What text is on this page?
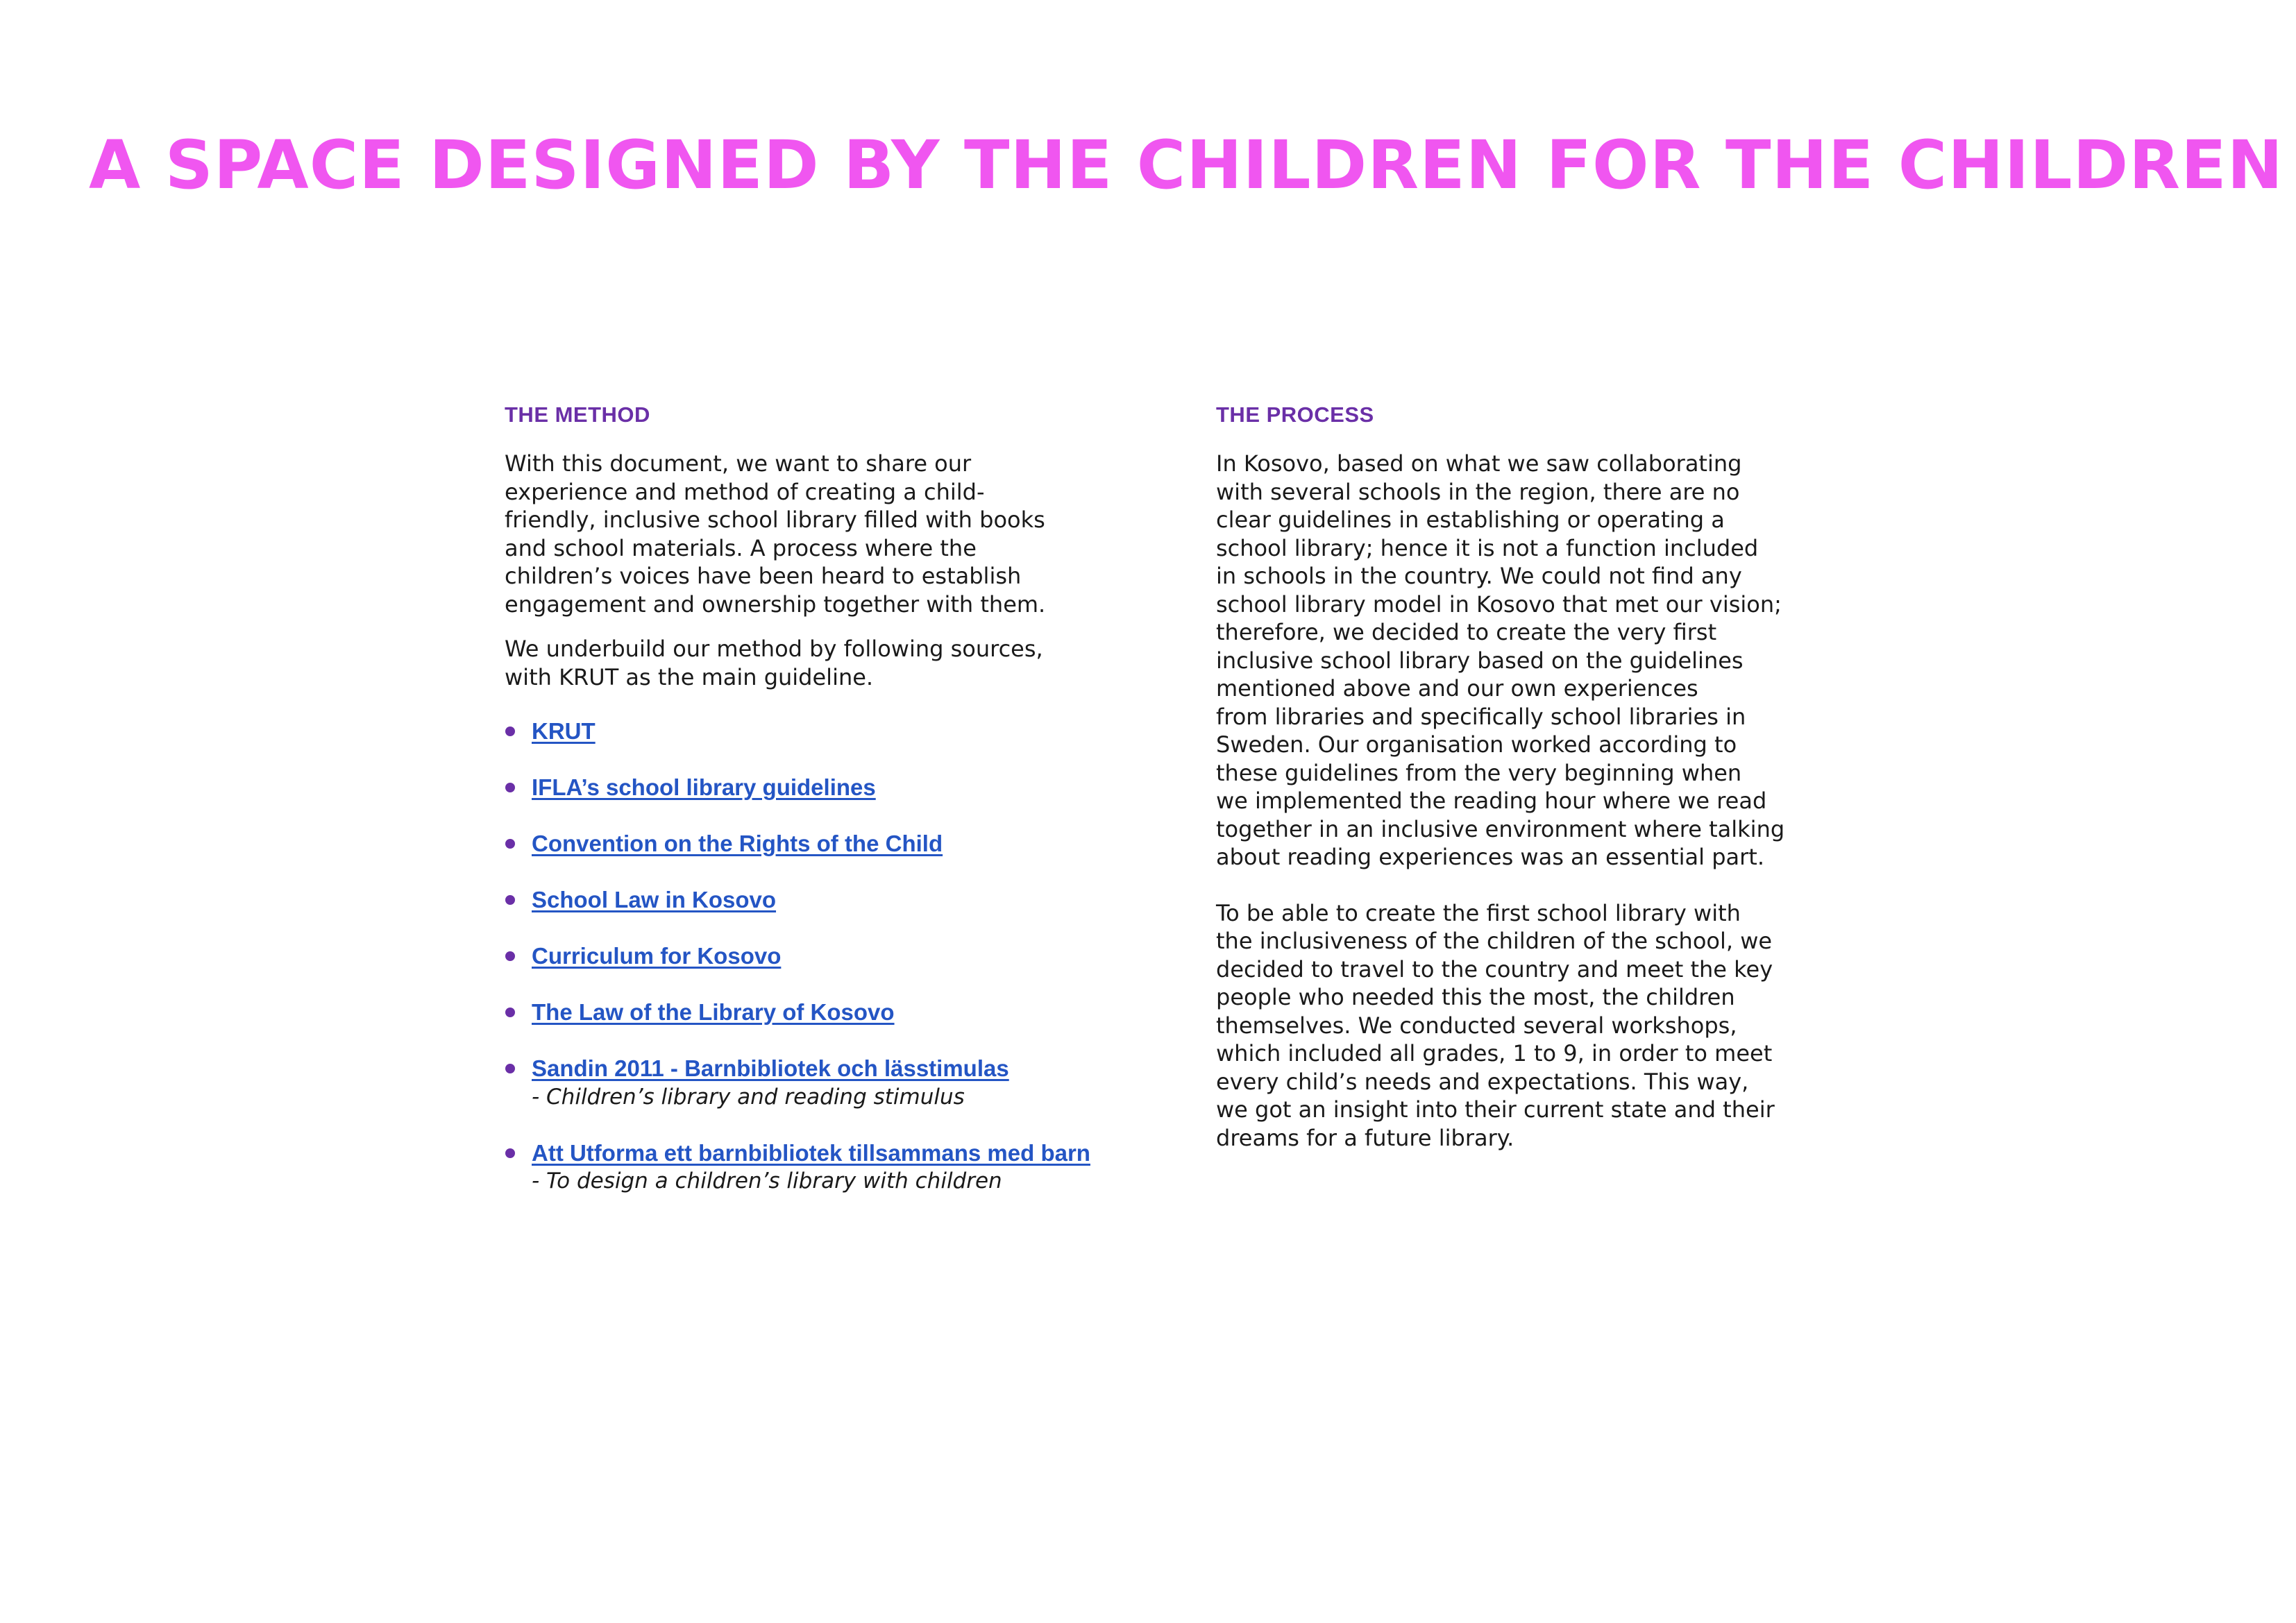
A SPACE DESIGNED BY THE CHILDREN FOR THE CHILDREN
THE METHOD

With this document, we want to share our
experience and method of creating a child-
friendly, inclusive school library filled with books
and school materials. A process where the
children’s voices have been heard to establish
engagement and ownership together with them.

We underbuild our method by following sources,
with KRUT as the main guideline.

KRUT
IFLA’s school library guidelines
Convention on the Rights of the Child
School Law in Kosovo
Curriculum for Kosovo
The Law of the Library of Kosovo
Sandin 2011 - Barnbibliotek och lässtimulas
- Children’s library and reading stimulus
Att Utforma ett barnbibliotek tillsammans med barn
- To design a children’s library with children
THE PROCESS

In Kosovo, based on what we saw collaborating
with several schools in the region, there are no
clear guidelines in establishing or operating a
school library; hence it is not a function included
in schools in the country. We could not find any
school library model in Kosovo that met our vision;
therefore, we decided to create the very first
inclusive school library based on the guidelines
mentioned above and our own experiences
from libraries and specifically school libraries in
Sweden. Our organisation worked according to
these guidelines from the very beginning when
we implemented the reading hour where we read
together in an inclusive environment where talking
about reading experiences was an essential part.

To be able to create the first school library with
the inclusiveness of the children of the school, we
decided to travel to the country and meet the key
people who needed this the most, the children
themselves. We conducted several workshops,
which included all grades, 1 to 9, in order to meet
every child’s needs and expectations. This way,
we got an insight into their current state and their
dreams for a future library.
